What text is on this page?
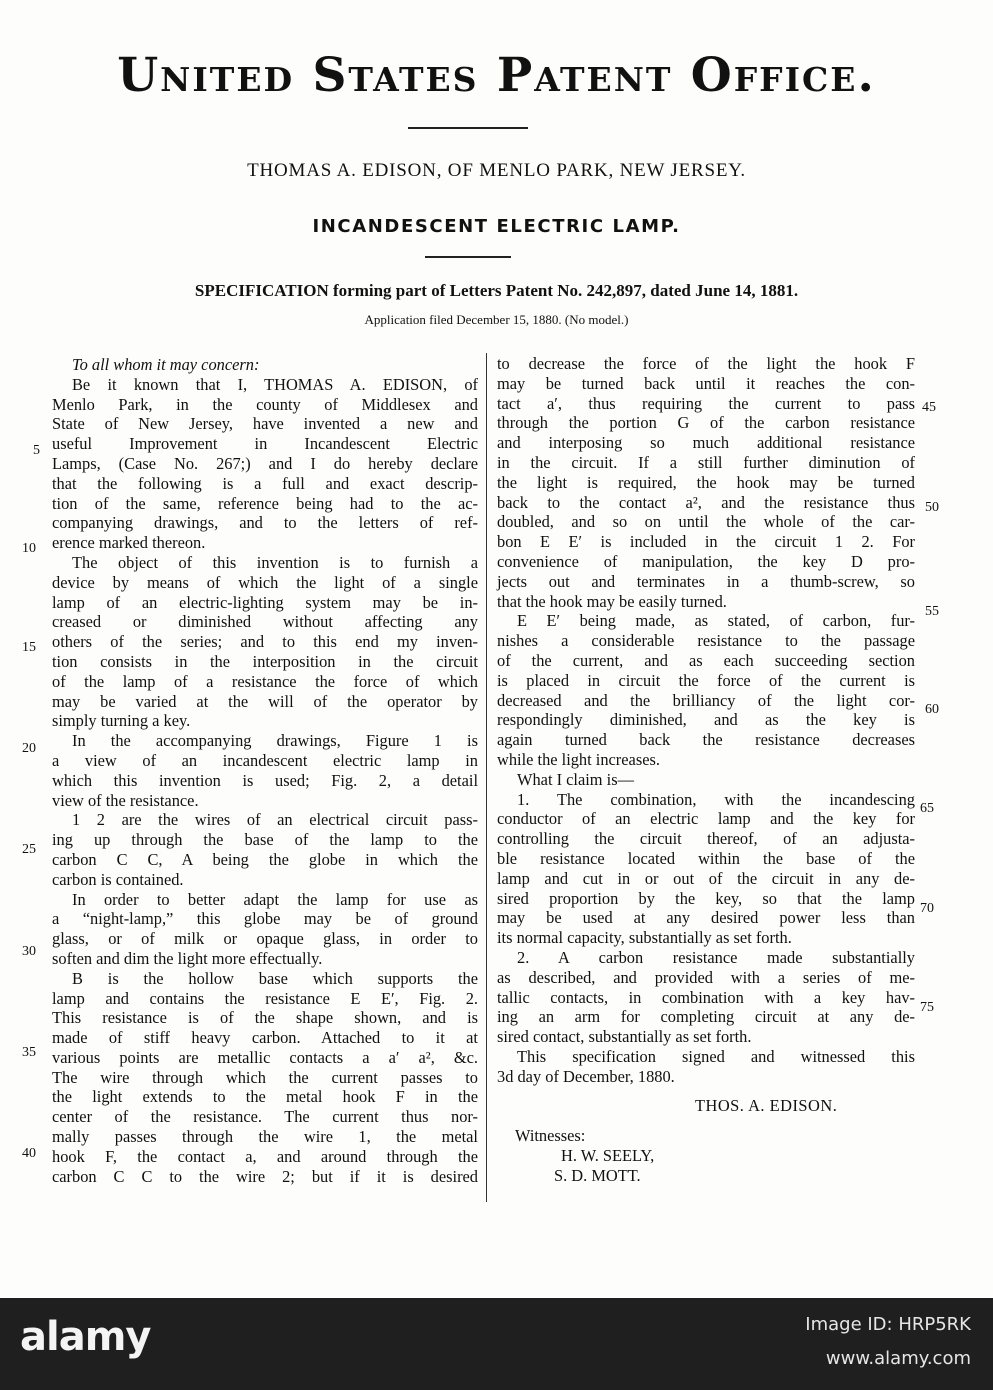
United States Patent Office.
THOMAS A. EDISON, OF MENLO PARK, NEW JERSEY.
INCANDESCENT ELECTRIC LAMP.
SPECIFICATION forming part of Letters Patent No. 242,897, dated June 14, 1881.
Application filed December 15, 1880. (No model.)
To all whom it may concern:
Be it known that I, THOMAS A. EDISON, of
Menlo Park, in the county of Middlesex and
State of New Jersey, have invented a new and
useful Improvement in Incandescent Electric
Lamps, (Case No. 267;) and I do hereby declare
that the following is a full and exact descrip-
tion of the same, reference being had to the ac-
companying drawings, and to the letters of ref-
erence marked thereon.
The object of this invention is to furnish a
device by means of which the light of a single
lamp of an electric-lighting system may be in-
creased or diminished without affecting any
others of the series; and to this end my inven-
tion consists in the interposition in the circuit
of the lamp of a resistance the force of which
may be varied at the will of the operator by
simply turning a key.
In the accompanying drawings, Figure 1 is
a view of an incandescent electric lamp in
which this invention is used; Fig. 2, a detail
view of the resistance.
1 2 are the wires of an electrical circuit pass-
ing up through the base of the lamp to the
carbon C C, A being the globe in which the
carbon is contained.
In order to better adapt the lamp for use as
a “night-lamp,” this globe may be of ground
glass, or of milk or opaque glass, in order to
soften and dim the light more effectually.
B is the hollow base which supports the
lamp and contains the resistance E E′, Fig. 2.
This resistance is of the shape shown, and is
made of stiff heavy carbon. Attached to it at
various points are metallic contacts a a′ a², &c.
The wire through which the current passes to
the light extends to the metal hook F in the
center of the resistance. The current thus nor-
mally passes through the wire 1, the metal
hook F, the contact a, and around through the
carbon C C to the wire 2; but if it is desired
to decrease the force of the light the hook F
may be turned back until it reaches the con-
tact a′, thus requiring the current to pass
through the portion G of the carbon resistance
and interposing so much additional resistance
in the circuit. If a still further diminution of
the light is required, the hook may be turned
back to the contact a², and the resistance thus
doubled, and so on until the whole of the car-
bon E E′ is included in the circuit 1 2. For
convenience of manipulation, the key D pro-
jects out and terminates in a thumb-screw, so
that the hook may be easily turned.
E E′ being made, as stated, of carbon, fur-
nishes a considerable resistance to the passage
of the current, and as each succeeding section
is placed in circuit the force of the current is
decreased and the brilliancy of the light cor-
respondingly diminished, and as the key is
again turned back the resistance decreases
while the light increases.
What I claim is—
1. The combination, with the incandescing
conductor of an electric lamp and the key for
controlling the circuit thereof, of an adjusta-
ble resistance located within the base of the
lamp and cut in or out of the circuit in any de-
sired proportion by the key, so that the lamp
may be used at any desired power less than
its normal capacity, substantially as set forth.
2. A carbon resistance made substantially
as described, and provided with a series of me-
tallic contacts, in combination with a key hav-
ing an arm for completing circuit at any de-
sired contact, substantially as set forth.
This specification signed and witnessed this
3d day of December, 1880.
THOS. A. EDISON.
Witnesses:
H. W. SEELY,
S. D. MOTT.
5
10
15
20
25
30
35
40
45
50
55
60
65
70
75
alamy	Image ID: HRP5RK
www.alamy.com
